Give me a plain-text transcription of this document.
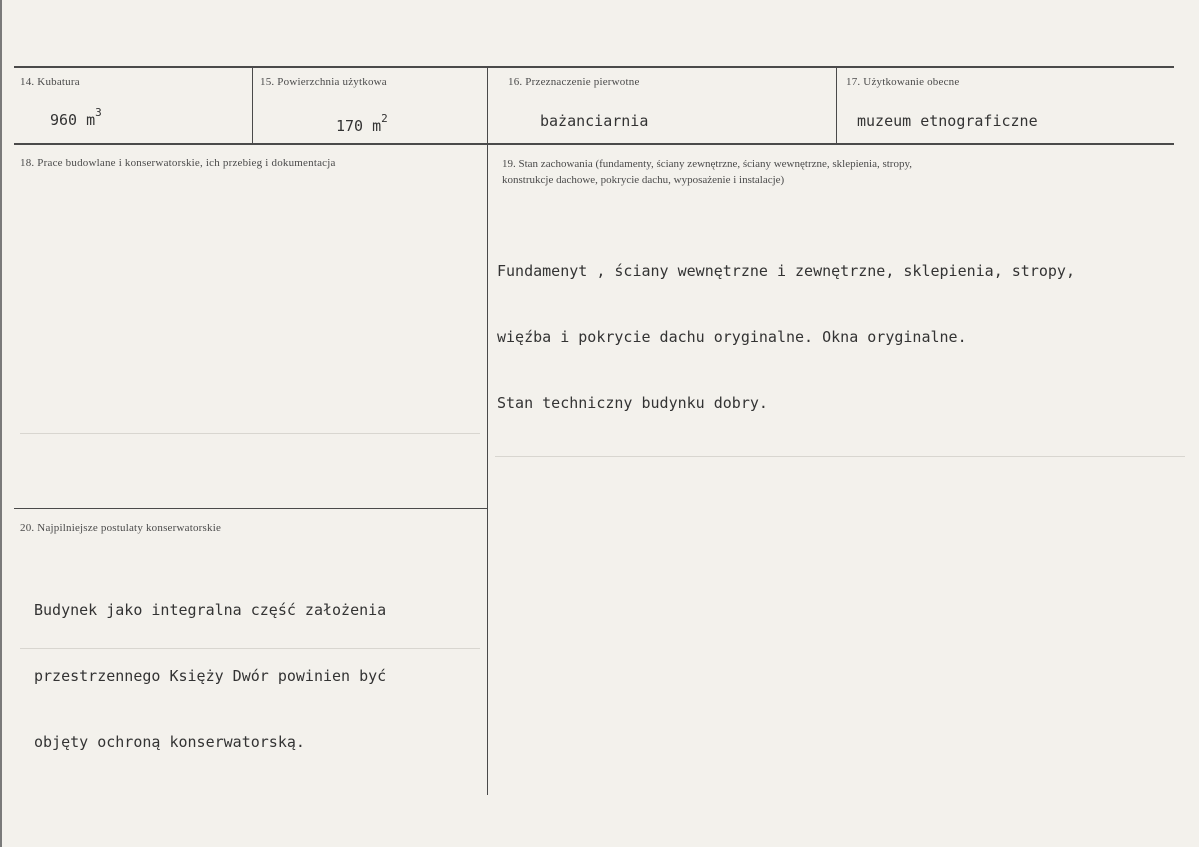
14. Kubatura
960 $m^3$
15. Powierzchnia użytkowa
170 $m^2$
16. Przeznaczenie pierwotne
bażanciarnia
17. Użytkowanie obecne
muzeum etnograficzne
18. Prace budowlane i konserwatorskie, ich przebieg i dokumentacja	19. Stan zachowania (fundamenty, ściany zewnętrzne, ściany wewnętrzne, sklepienia, stropy,
konstrukcje dachowe, pokrycie dachu, wyposażenie i instalacje)

Fundamenyt , ściany wewnętrzne i zewnętrzne, sklepienia, stropy,

więźba i pokrycie dachu oryginalne. Okna oryginalne.

Stan techniczny budynku dobry.

20. Najpilniejsze postulaty konserwatorskie

Budynek jako integralna część założenia

przestrzennego Księży Dwór powinien być

objęty ochroną konserwatorską.
